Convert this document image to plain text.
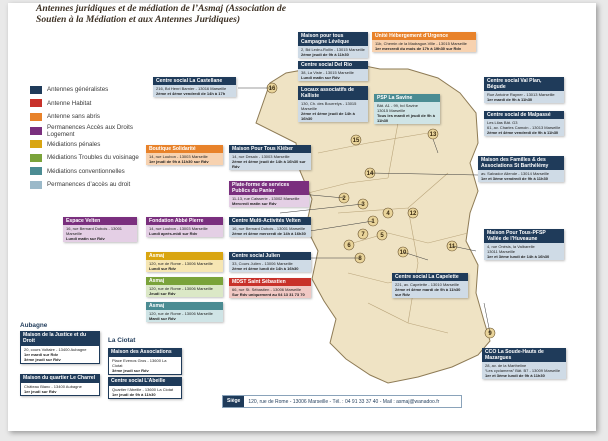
Antennes juridiques et de médiation de l’Asmaj (Association de Soutien à la Médiation et aux Antennes Juridiques)
Antennes généralistes
Antenne Habitat
Antenne sans abris
Permanences Accès aux Droits Logement
Médiations pénales
Médiations Troubles du voisinage
Médiations conventionnelles
Permanences d’accès au droit
1
2
3
4
5
6
7
8
9
10
11
12
13
14
15
16
Maison pour tous Campagne Lévêque
2, Bd Ledru-Rollin - 13015 Marseille
2ème jeudi de 9h à 11h30
Unité Hébergement d’Urgence
11b, Chemin de la Madrague-Ville - 13015 Marseille
1er mercredi du mois de 17h à 19h30 sur Rdv
Centre social Del Rio
38, La Viste - 13015 Marseille
Lundi matin sur Rdv
Locaux associatifs de Kalliste
130, Ch. des Bourrelys - 13015 Marseille
2ème et 4ème jeudi de 14h à 16h30
Centre social La Castellane
216, Bd Henri Barnier - 13016 Marseille
2ème et 4ème vendredi de 14h à 17h
PSP La Savine
Bât. A1 - 99, bd Savine
13015 Marseille
Tous les mardi et jeudi de 9h à 11h30
Centre social Val Plan, Bégude
Rue Antoine Rayner - 13013 Marseille
1er mardi de 9h à 11h30
Centre social de Malpassé
Les Lilas Bât. G3
61, av. Charles Camoin - 13013 Marseille
2ème et 4ème vendredi de 9h à 11h30
Maison des Familles & des Associations St Barthélémy
av. Salvador Allende - 13014 Marseille
1er et 3ème vendredi de 9h à 11h30
Boutique Solidarité
14, rue Loubon - 13003 Marseille
1er jeudi de 9h à 11h30 sur Rdv
Maison Pour Tous Kléber
14, rue Desaix - 13003 Marseille
2ème et 4ème jeudi de 14h à 16h30 sur Rdv
Plate-forme de services Publics du Panier
11-13, rue Caisserie - 13002 Marseille
Mercredi matin sur Rdv
Espace Velten
16, rue Bernard Dubois - 13001 Marseille
Lundi matin sur Rdv
Fondation Abbé Pierre
14, rue Loubon - 13003 Marseille
Lundi après-midi sur Rdv
Centre Multi-Activités Velten
16, rue Bernard Dubois - 13001 Marseille
2ème et 4ème mercredi de 14h à 16h30
Centre social Julien
33, Cours Julien - 13006 Marseille
2ème et 4ème lundi de 14h à 16h30
Asmaj
120, rue de Rome - 13006 Marseille
Lundi sur Rdv
Asmaj
120, rue de Rome - 13006 Marseille
Jeudi sur Rdv
Asmaj
120, rue de Rome - 13006 Marseille
Mardi sur Rdv
MDST Saint Sébastien
66, rue St. Sébastien - 13006 Marseille
Sur Rdv uniquement au 04 13 31 73 70
Maison Pour Tous-PFSP Vallée de l’Huveaune
4, rue Onésis, la Valbarelle
13011 Marseille
1er et 3ème lundi de 14h à 16h30
Centre social La Capelette
221, av. Capelette - 13010 Marseille
2ème et 4ème mardi de 9h à 11h30 sur Rdv
CCO La Soude-Hauts de Mazargues
28, av. de la Martheline
“Les cyclamens” Bât. B7 - 13009 Marseille
1er et 3ème lundi de 9h à 11h30
Aubagne
Maison de la Justice et du Droit
20, cours Voltaire - 13400 Aubagne
1er mardi sur Rdv
3ème jeudi sur Rdv
Maison du quartier Le Charrel
Château Blanc - 13400 Aubagne
1er jeudi sur Rdv
La Ciotat
Maison des Associations
Place Evenos Gros - 13600 La Ciotat
3ème jeudi sur Rdv
Centre social L’Abeille
Quartier l’Abeille - 13600 La Ciotat
1er jeudi de 9h à 11h30
Siège	120, rue de Rome - 13006 Marseille - Tél. : 04 91 33 37 40 - Mail : asmaj@wanadoo.fr
